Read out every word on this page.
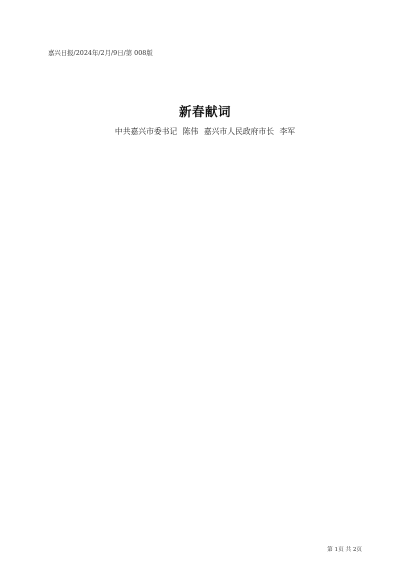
嘉兴日报/2024年/2月/9日/第 008版
新春献词
中共嘉兴市委书记 陈伟 嘉兴市人民政府市长 李军
第 1页 共 2页
